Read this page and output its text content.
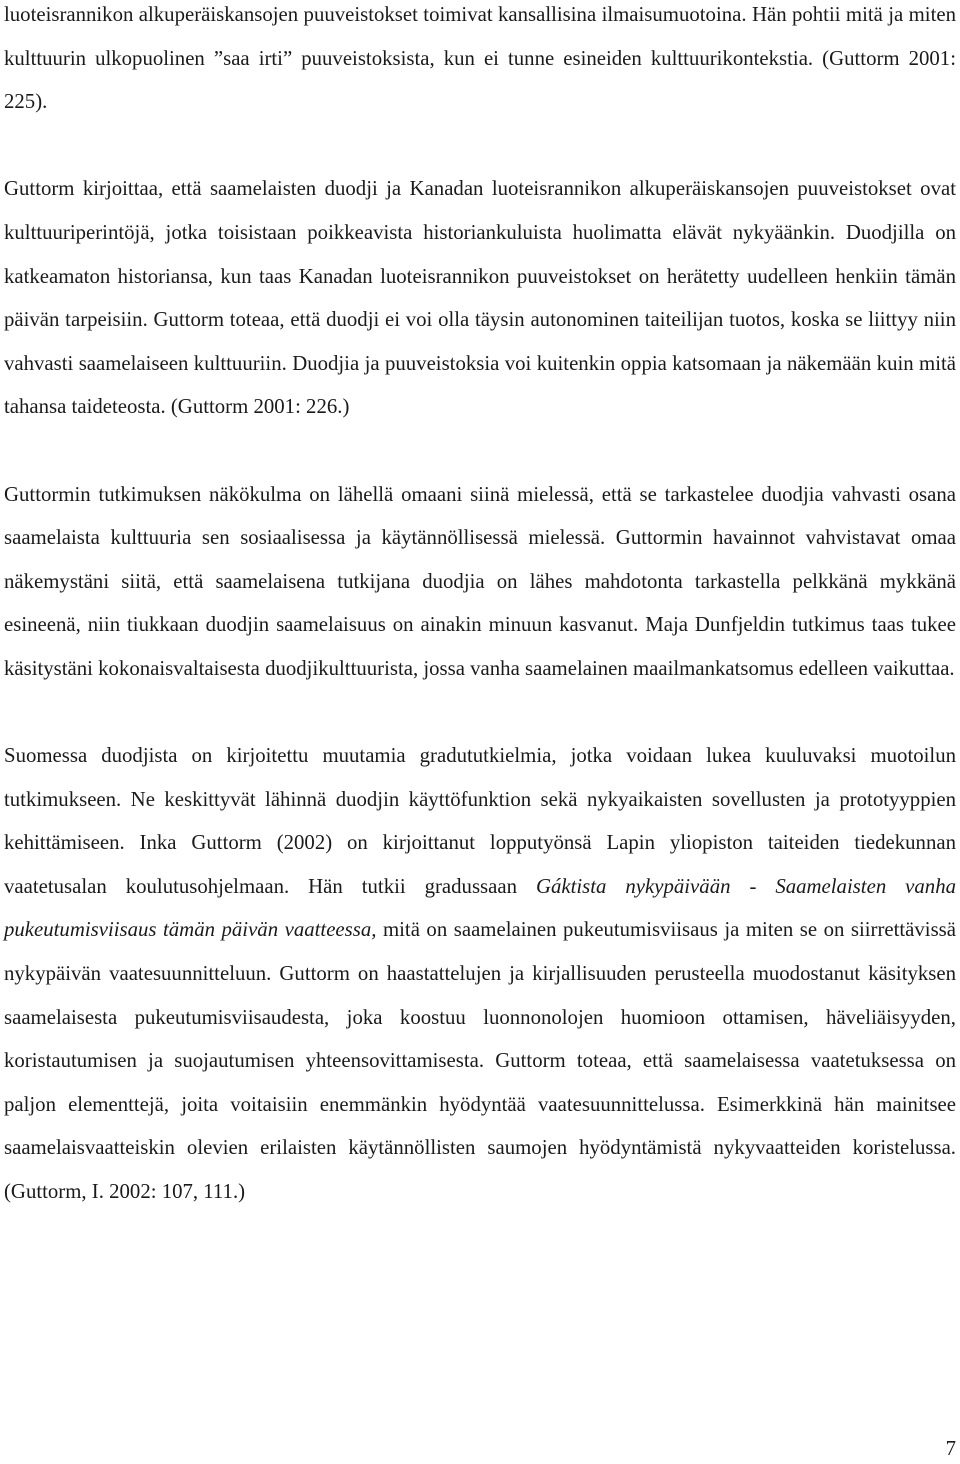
luoteisrannikon alkuperäiskansojen puuveistokset toimivat kansallisina ilmaisumuotoina. Hän pohtii mitä ja miten kulttuurin ulkopuolinen ”saa irti” puuveistoksista, kun ei tunne esineiden kulttuurikontekstia. (Guttorm 2001: 225).

Guttorm kirjoittaa, että saamelaisten duodji ja Kanadan luoteisrannikon alkuperäiskansojen puuveistokset ovat kulttuuriperintöjä, jotka toisistaan poikkeavista historiankuluista huolimatta elävät nykyäänkin. Duodjilla on katkeamaton historiansa, kun taas Kanadan luoteisrannikon puuveistokset on herätetty uudelleen henkiin tämän päivän tarpeisiin. Guttorm toteaa, että duodji ei voi olla täysin autonominen taiteilijan tuotos, koska se liittyy niin vahvasti saamelaiseen kulttuuriin. Duodjia ja puuveistoksia voi kuitenkin oppia katsomaan ja näkemään kuin mitä tahansa taideteosta. (Guttorm 2001: 226.)

Guttormin tutkimuksen näkökulma on lähellä omaani siinä mielessä, että se tarkastelee duodjia vahvasti osana saamelaista kulttuuria sen sosiaalisessa ja käytännöllisessä mielessä. Guttormin havainnot vahvistavat omaa näkemystäni siitä, että saamelaisena tutkijana duodjia on lähes mahdotonta tarkastella pelkkänä mykkänä esineenä, niin tiukkaan duodjin saamelaisuus on ainakin minuun kasvanut. Maja Dunfjeldin tutkimus taas tukee käsitystäni kokonaisvaltaisesta duodjikulttuurista, jossa vanha saamelainen maailmankatsomus edelleen vaikuttaa.

Suomessa duodjista on kirjoitettu muutamia gradututkielmia, jotka voidaan lukea kuuluvaksi muotoilun tutkimukseen. Ne keskittyvät lähinnä duodjin käyttöfunktion sekä nykyaikaisten sovellusten ja prototyyppien kehittämiseen. Inka Guttorm (2002) on kirjoittanut lopputyönsä Lapin yliopiston taiteiden tiedekunnan vaatetusalan koulutusohjelmaan. Hän tutkii gradussaan Gáktista nykypäivään - Saamelaisten vanha pukeutumisviisaus tämän päivän vaatteessa, mitä on saamelainen pukeutumisviisaus ja miten se on siirrettävissä nykypäivän vaatesuunnitteluun. Guttorm on haastattelujen ja kirjallisuuden perusteella muodostanut käsityksen saamelaisesta pukeutumisviisaudesta, joka koostuu luonnonolojen huomioon ottamisen, häveliäisyyden, koristautumisen ja suojautumisen yhteensovittamisesta. Guttorm toteaa, että saamelaisessa vaatetuksessa on paljon elementtejä, joita voitaisiin enemmänkin hyödyntää vaatesuunnittelussa. Esimerkkinä hän mainitsee saamelaisvaatteiskin olevien erilaisten käytännöllisten saumojen hyödyntämistä nykyvaatteiden koristelussa. (Guttorm, I. 2002: 107, 111.)

7
